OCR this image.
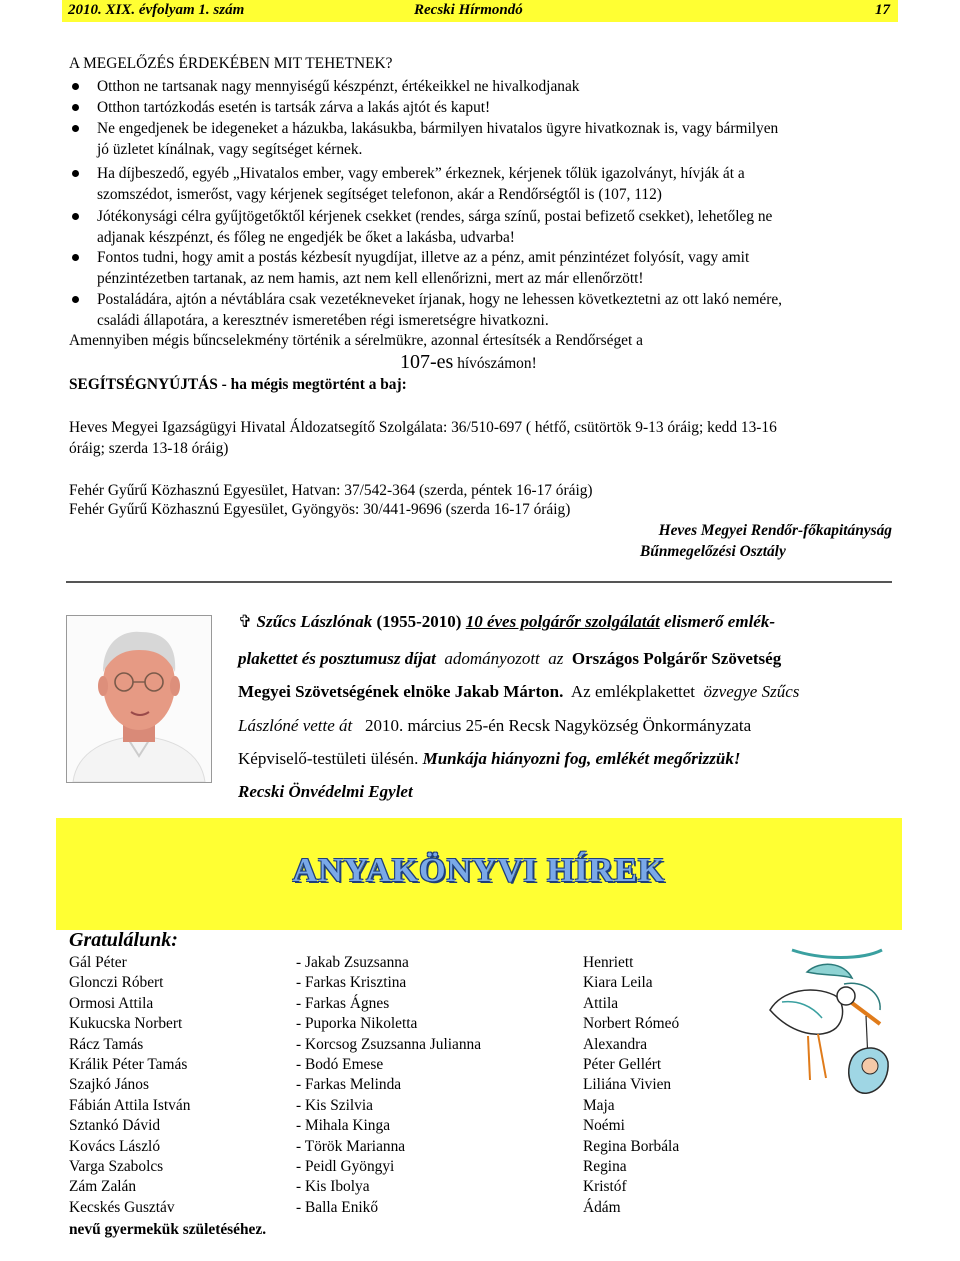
2010. XIX. évfolyam 1. szám	Recski Hírmondó	17
A MEGELŐZÉS ÉRDEKÉBEN MIT TEHETNEK?
Otthon ne tartsanak nagy mennyiségű készpénzt, értékeikkel ne hivalkodjanak
Otthon tartózkodás esetén is tartsák zárva a lakás ajtót és kaput!
Ne engedjenek be idegeneket a házukba, lakásukba, bármilyen hivatalos ügyre hivatkoznak is, vagy bármilyen
jó üzletet kínálnak, vagy segítséget kérnek.
Ha díjbeszedő, egyéb „Hivatalos ember, vagy emberek” érkeznek, kérjenek tőlük igazolványt, hívják át a
szomszédot, ismerőst, vagy kérjenek segítséget telefonon, akár a Rendőrségtől is (107, 112)
Jótékonysági célra gyűjtögetőktől kérjenek csekket (rendes, sárga színű, postai befizető csekket), lehetőleg ne
adjanak készpénzt, és főleg ne engedjék be őket a lakásba, udvarba!
Fontos tudni, hogy amit a postás kézbesít nyugdíjat, illetve az a pénz, amit pénzintézet folyósít, vagy amit
pénzintézetben tartanak, az nem hamis, azt nem kell ellenőrizni, mert az már ellenőrzött!
Postaládára, ajtón a névtáblára csak vezetékneveket írjanak, hogy ne lehessen következtetni az ott lakó nemére,
családi állapotára, a keresztnév ismeretében régi ismeretségre hivatkozni.
Amennyiben mégis bűncselekmény történik a sérelmükre, azonnal értesítsék a Rendőrséget a
107-es hívószámon!
SEGÍTSÉGNYÚJTÁS - ha mégis megtörtént a baj:
Heves Megyei Igazságügyi Hivatal Áldozatsegítő Szolgálata: 36/510-697 ( hétfő, csütörtök 9-13 óráig; kedd 13-16
óráig; szerda 13-18 óráig)
Fehér Gyűrű Közhasznú Egyesület, Hatvan: 37/542-364 (szerda, péntek 16-17 óráig)
Fehér Gyűrű Közhasznú Egyesület, Gyöngyös: 30/441-9696 (szerda 16-17 óráig)
Heves Megyei Rendőr-főkapitányság
Bűnmegelőzési Osztály
✞ Szűcs Lászlónak (1955-2010) 10 éves polgárőr szolgálatát elismerő emlék-
plakettet és posztumusz díjat adományozott az Országos Polgárőr Szövetség
Megyei Szövetségének elnöke Jakab Márton. Az emlékplakettet özvegye Szűcs
Lászlóné vette át 2010. március 25-én Recsk Nagyközség Önkormányzata
Képviselő-testületi ülésén. Munkája hiányozni fog, emlékét megőrizzük!
Recski Önvédelmi Egylet
ANYAKÖNYVI HÍREK
Gratulálunk:
Gál Péter
Glonczi Róbert
Ormosi Attila
Kukucska Norbert
Rácz Tamás
Králik Péter Tamás
Szajkó János
Fábián Attila István
Sztankó Dávid
Kovács László
Varga Szabolcs
Zám Zalán
Kecskés Gusztáv
- Jakab Zsuzsanna
- Farkas Krisztina
- Farkas Ágnes
- Puporka Nikoletta
- Korcsog Zsuzsanna Julianna
- Bodó Emese
- Farkas Melinda
- Kis Szilvia
- Mihala Kinga
- Török Marianna
- Peidl Gyöngyi
- Kis Ibolya
- Balla Enikő
Henriett
Kiara Leila
Attila
Norbert Rómeó
Alexandra
Péter Gellért
Liliána Vivien
Maja
Noémi
Regina Borbála
Regina
Kristóf
Ádám
nevű gyermekük születéséhez.
